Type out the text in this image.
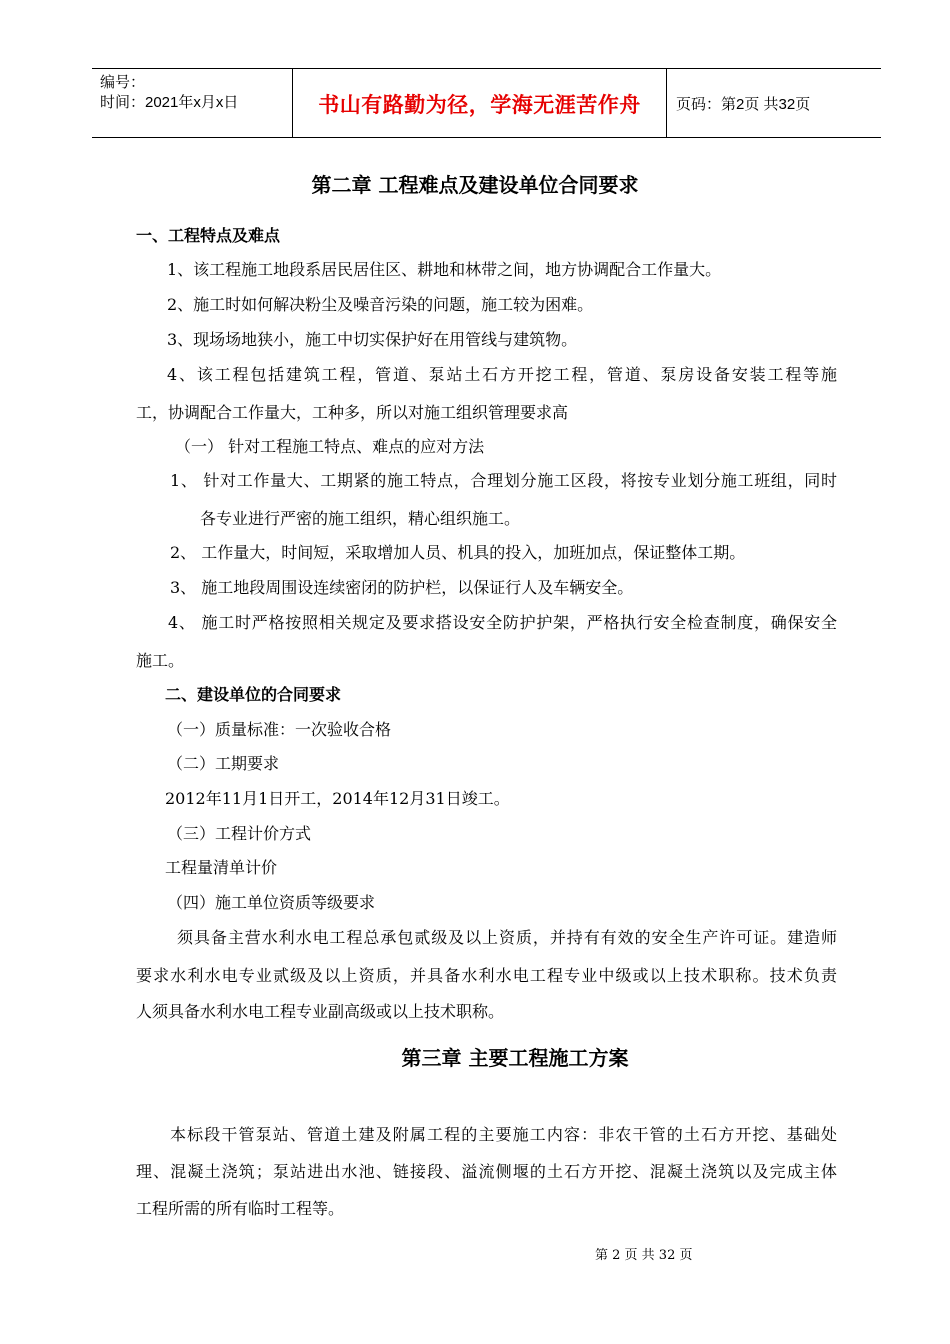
编号：
时间：2021年x月x日	书山有路勤为径，学海无涯苦作舟	页码：第2页 共32页
第二章 工程难点及建设单位合同要求

一、工程特点及难点

1、该工程施工地段系居民居住区、耕地和林带之间，地方协调配合工作量大。

2、施工时如何解决粉尘及噪音污染的问题，施工较为困难。

3、现场场地狭小，施工中切实保护好在用管线与建筑物。

4、该工程包括建筑工程，管道、泵站土石方开挖工程，管道、泵房设备安装工程等施

工，协调配合工作量大，工种多，所以对施工组织管理要求高

（一） 针对工程施工特点、难点的应对方法

1、 针对工作量大、工期紧的施工特点，合理划分施工区段，将按专业划分施工班组，同时

各专业进行严密的施工组织，精心组织施工。

2、 工作量大，时间短，采取增加人员、机具的投入，加班加点，保证整体工期。

3、 施工地段周围设连续密闭的防护栏，以保证行人及车辆安全。

4、 施工时严格按照相关规定及要求搭设安全防护护架，严格执行安全检查制度，确保安全

施工。

二、建设单位的合同要求

（一）质量标准：一次验收合格

（二）工期要求

2012年11月1日开工，2014年12月31日竣工。

（三）工程计价方式

工程量清单计价

（四）施工单位资质等级要求

须具备主营水利水电工程总承包贰级及以上资质，并持有有效的安全生产许可证。建造师

要求水利水电专业贰级及以上资质，并具备水利水电工程专业中级或以上技术职称。技术负责

人须具备水利水电工程专业副高级或以上技术职称。

第三章 主要工程施工方案

本标段干管泵站、管道土建及附属工程的主要施工内容：非农干管的土石方开挖、基础处

理、混凝土浇筑；泵站进出水池、链接段、溢流侧堰的土石方开挖、混凝土浇筑以及完成主体

工程所需的所有临时工程等。

第 2 页 共 32 页
